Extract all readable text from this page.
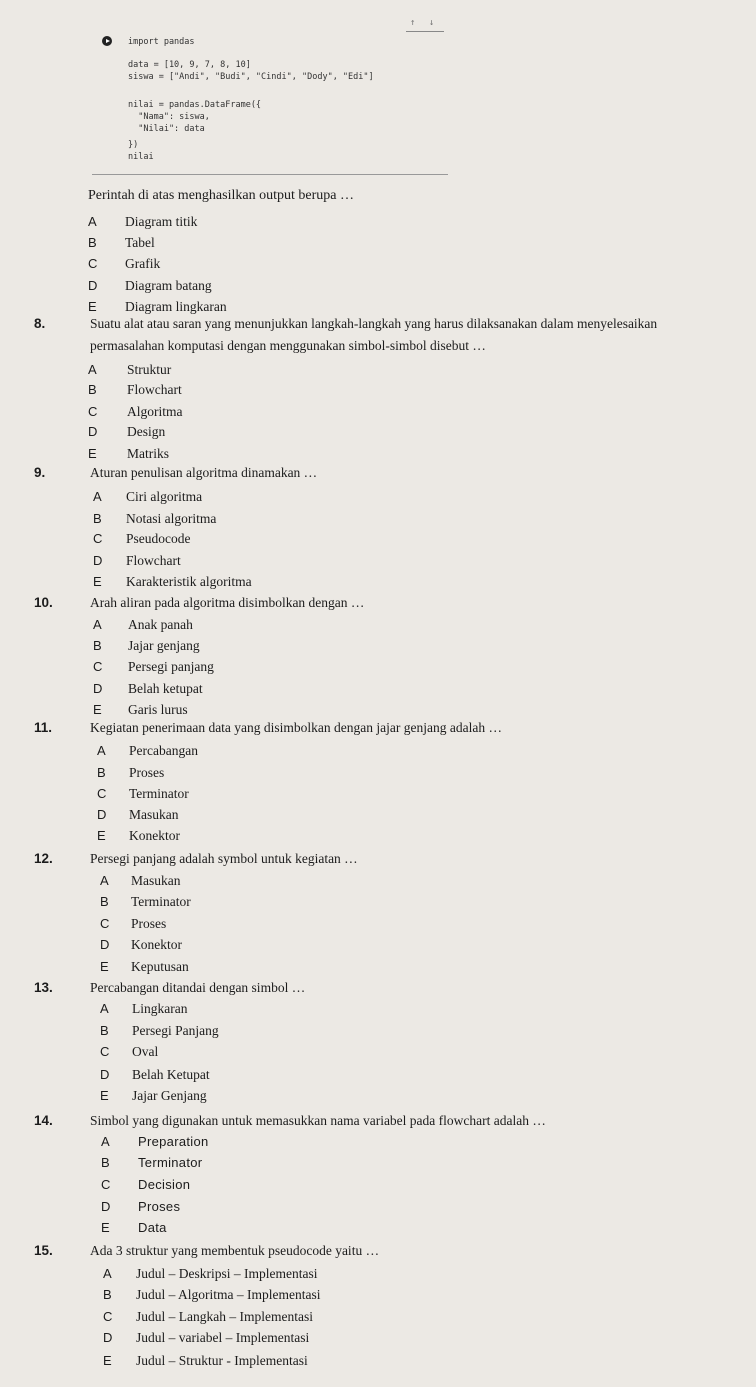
↑ ↓
import pandas
data = [10, 9, 7, 8, 10]
siswa = ["Andi", "Budi", "Cindi", "Dody", "Edi"]
nilai = pandas.DataFrame({
"Nama": siswa,
"Nilai": data
})
nilai
Perintah di atas menghasilkan output berupa …
A Diagram titik
B Tabel
C Grafik
D Diagram batang
E Diagram lingkaran
8.	Suatu alat atau saran yang menunjukkan langkah-langkah yang harus dilaksanakan dalam menyelesaikan
permasalahan komputasi dengan menggunakan simbol-simbol disebut …
A Struktur
B Flowchart
C Algoritma
D Design
E Matriks
9.	Aturan penulisan algoritma dinamakan …
A Ciri algoritma
B Notasi algoritma
C Pseudocode
D Flowchart
E Karakteristik algoritma
10.	Arah aliran pada algoritma disimbolkan dengan …
A Anak panah
B Jajar genjang
C Persegi panjang
D Belah ketupat
E Garis lurus
11.	Kegiatan penerimaan data yang disimbolkan dengan jajar genjang adalah …
A Percabangan
B Proses
C Terminator
D Masukan
E Konektor
12.	Persegi panjang adalah symbol untuk kegiatan …
A Masukan
B Terminator
C Proses
D Konektor
E Keputusan
13.	Percabangan ditandai dengan simbol …
A Lingkaran
B Persegi Panjang
C Oval
D Belah Ketupat
E Jajar Genjang
14.	Simbol yang digunakan untuk memasukkan nama variabel pada flowchart adalah …
A Preparation
B Terminator
C Decision
D Proses
E Data
15.	Ada 3 struktur yang membentuk pseudocode yaitu …
A Judul – Deskripsi – Implementasi
B Judul – Algoritma – Implementasi
C Judul – Langkah – Implementasi
D Judul – variabel – Implementasi
E Judul – Struktur - Implementasi
